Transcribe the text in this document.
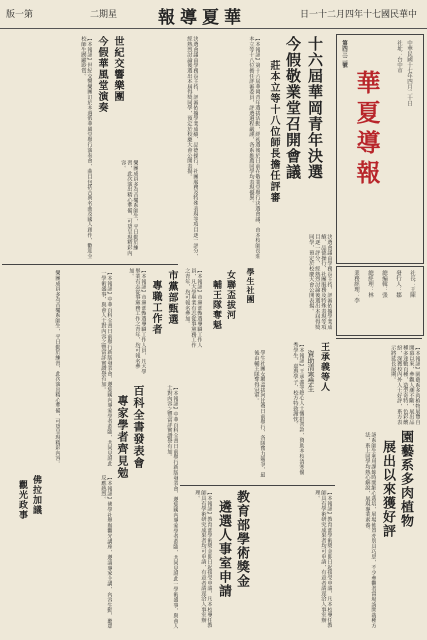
版一第	二期星 報導夏華	日一十二月四年十七國民華中
中華民國十七年四月二十日
社址：台中市
華夏導報
第四三二號
社長：王陳
發行人：鄒
總編輯：張
總經理：林
業務經理：李
十六屆華岡青年決選
今假敬業堂召開會議
莊本立等十八位師長擔任評審
【本報訊】第十六屆華岡青年選拔活動，經初選後於日前在敬業堂舉行決選會議，由本校師長莊本立等十八位擔任評審委員，評選過程嚴謹，各系推薦同學均表現優異。
決選會議由學務長主持，評審依據學業成績、品德操行、社團服務及特殊表現等項目逐一評分，經熱烈討論後選出本屆得獎同學，預定於校慶大會公開表揚。
決選會議由學務長主持，評審依據學業成績、品德操行、社團服務及特殊表現等項目逐一評分，經熱烈討論後選出本屆得獎同學，預定於校慶大會公開表揚。
園藝系多肉植物
展出以來獲好評
【本報訊】園藝系多肉植物展覽自開幕以來，參觀人潮不斷，展出品種多達數百種，造型奇特，色彩繽紛，深獲校內外人士好評，系方表示將延長展期。
該系師生利用課餘時間細心栽培，展場佈置亦別具巧思，不少參觀者當場詢問栽種方法，系上同學均熱心解說，展現專業素養。
王承義等人
資助清寒學生
【本報訊】王承義等熱心人士慨捐善款，資助本校清寒優秀學生，嘉惠學子，校方特致謝忱。
教育部學術獎金
遴選人事室申請	【本報訊】教育部學術獎金即日起接受申請，凡本校專任教師具有學術研究成果者均可申請，有意者請逕洽人事室辦理。
【本報訊】教育部學術獎金即日起接受申請，凡本校專任教師具有學術研究成果者均可申請，有意者請逕洽人事室辦理。
學生社團
女聯盃拔河
輔王隊奪魁
學生社團女聯盃拔河比賽日前舉行，各隊奮力競爭，最後由輔王隊奪得冠軍。
市黨部甄選
專職工作者	【本報訊】市黨部甄選專職工作人員，凡大學畢業有志從事黨務工作之青年，均可報名參加。
【本報訊】市黨部甄選專職工作人員，凡大學畢業有志從事黨務工作之青年，均可報名參加。
百科全書發表會
專家學者齊見勉	【本報訊】中華百科全書日前舉行新版發表會，邀集國內專家學者蒞臨，共同見證此一學術盛事，與會人士對內容之豐富詳實讚譽有加。
【本報訊】中華百科全書日前舉行新版發表會，邀集國內專家學者蒞臨，共同見證此一學術盛事，與會人士對內容之豐富詳實讚譽有加。
世紀交響樂團
今假華風堂演奏
【本報訊】世紀交響樂團訂於本週假華風堂舉行演奏會，曲目包括古典名曲及國人創作，歡迎全校師生踴躍聆賞。
樂團成員多為音樂系師生，平日勤於練習，此次演出精心準備，可望呈現精彩內容。
佛拉加議
觀光政事	【本報訊】佛學社舉辦觀光講座，邀請專家主講，內容生動，聽眾反應熱烈。
樂團成員多為音樂系師生，平日勤於練習，此次演出精心準備，可望呈現精彩內容。
